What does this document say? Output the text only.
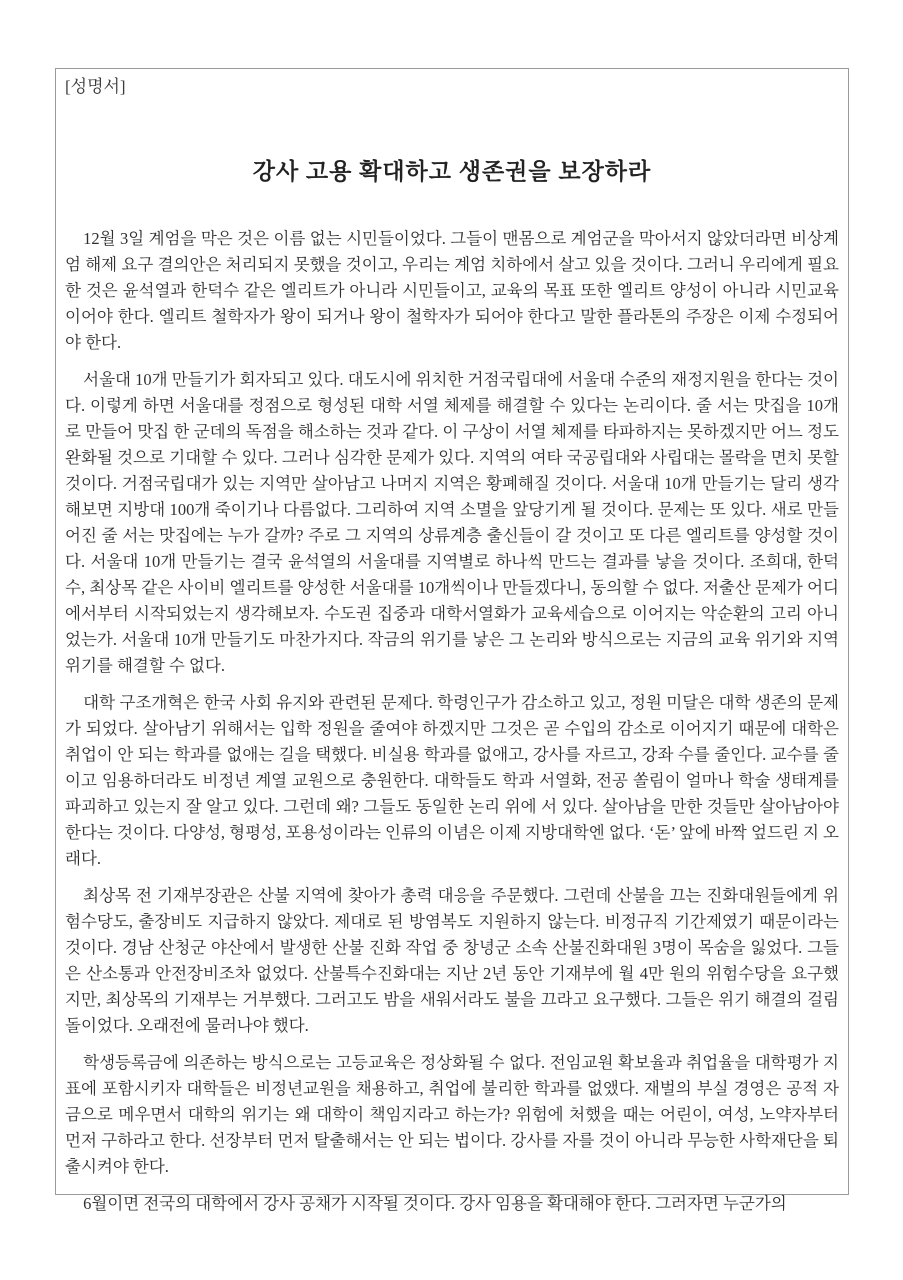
[성명서]
강사 고용 확대하고 생존권을 보장하라

12월 3일 계엄을 막은 것은 이름 없는 시민들이었다. 그들이 맨몸으로 계엄군을 막아서지 않았더라면 비상계엄 해제 요구 결의안은 처리되지 못했을 것이고, 우리는 계엄 치하에서 살고 있을 것이다. 그러니 우리에게 필요한 것은 윤석열과 한덕수 같은 엘리트가 아니라 시민들이고, 교육의 목표 또한 엘리트 양성이 아니라 시민교육이어야 한다. 엘리트 철학자가 왕이 되거나 왕이 철학자가 되어야 한다고 말한 플라톤의 주장은 이제 수정되어야 한다.

서울대 10개 만들기가 회자되고 있다. 대도시에 위치한 거점국립대에 서울대 수준의 재정지원을 한다는 것이다. 이렇게 하면 서울대를 정점으로 형성된 대학 서열 체제를 해결할 수 있다는 논리이다. 줄 서는 맛집을 10개로 만들어 맛집 한 군데의 독점을 해소하는 것과 같다. 이 구상이 서열 체제를 타파하지는 못하겠지만 어느 정도 완화될 것으로 기대할 수 있다. 그러나 심각한 문제가 있다. 지역의 여타 국공립대와 사립대는 몰락을 면치 못할 것이다. 거점국립대가 있는 지역만 살아남고 나머지 지역은 황폐해질 것이다. 서울대 10개 만들기는 달리 생각해보면 지방대 100개 죽이기나 다름없다. 그리하여 지역 소멸을 앞당기게 될 것이다. 문제는 또 있다. 새로 만들어진 줄 서는 맛집에는 누가 갈까? 주로 그 지역의 상류계층 출신들이 갈 것이고 또 다른 엘리트를 양성할 것이다. 서울대 10개 만들기는 결국 윤석열의 서울대를 지역별로 하나씩 만드는 결과를 낳을 것이다. 조희대, 한덕수, 최상목 같은 사이비 엘리트를 양성한 서울대를 10개씩이나 만들겠다니, 동의할 수 없다. 저출산 문제가 어디에서부터 시작되었는지 생각해보자. 수도권 집중과 대학서열화가 교육세습으로 이어지는 악순환의 고리 아니었는가. 서울대 10개 만들기도 마찬가지다. 작금의 위기를 낳은 그 논리와 방식으로는 지금의 교육 위기와 지역 위기를 해결할 수 없다.

대학 구조개혁은 한국 사회 유지와 관련된 문제다. 학령인구가 감소하고 있고, 정원 미달은 대학 생존의 문제가 되었다. 살아남기 위해서는 입학 정원을 줄여야 하겠지만 그것은 곧 수입의 감소로 이어지기 때문에 대학은 취업이 안 되는 학과를 없애는 길을 택했다. 비실용 학과를 없애고, 강사를 자르고, 강좌 수를 줄인다. 교수를 줄이고 임용하더라도 비정년 계열 교원으로 충원한다. 대학들도 학과 서열화, 전공 쏠림이 얼마나 학술 생태계를 파괴하고 있는지 잘 알고 있다. 그런데 왜? 그들도 동일한 논리 위에 서 있다. 살아남을 만한 것들만 살아남아야 한다는 것이다. 다양성, 형평성, 포용성이라는 인류의 이념은 이제 지방대학엔 없다. ‘돈’ 앞에 바짝 엎드린 지 오래다.

최상목 전 기재부장관은 산불 지역에 찾아가 총력 대응을 주문했다. 그런데 산불을 끄는 진화대원들에게 위험수당도, 출장비도 지급하지 않았다. 제대로 된 방염복도 지원하지 않는다. 비정규직 기간제였기 때문이라는 것이다. 경남 산청군 야산에서 발생한 산불 진화 작업 중 창녕군 소속 산불진화대원 3명이 목숨을 잃었다. 그들은 산소통과 안전장비조차 없었다. 산불특수진화대는 지난 2년 동안 기재부에 월 4만 원의 위험수당을 요구했지만, 최상목의 기재부는 거부했다. 그러고도 밤을 새워서라도 불을 끄라고 요구했다. 그들은 위기 해결의 걸림돌이었다. 오래전에 물러나야 했다.

학생등록금에 의존하는 방식으로는 고등교육은 정상화될 수 없다. 전임교원 확보율과 취업율을 대학평가 지표에 포함시키자 대학들은 비정년교원을 채용하고, 취업에 불리한 학과를 없앴다. 재벌의 부실 경영은 공적 자금으로 메우면서 대학의 위기는 왜 대학이 책임지라고 하는가? 위험에 처했을 때는 어린이, 여성, 노약자부터 먼저 구하라고 한다. 선장부터 먼저 탈출해서는 안 되는 법이다. 강사를 자를 것이 아니라 무능한 사학재단을 퇴출시켜야 한다.

6월이면 전국의 대학에서 강사 공채가 시작될 것이다. 강사 임용을 확대해야 한다. 그러자면 누군가의
